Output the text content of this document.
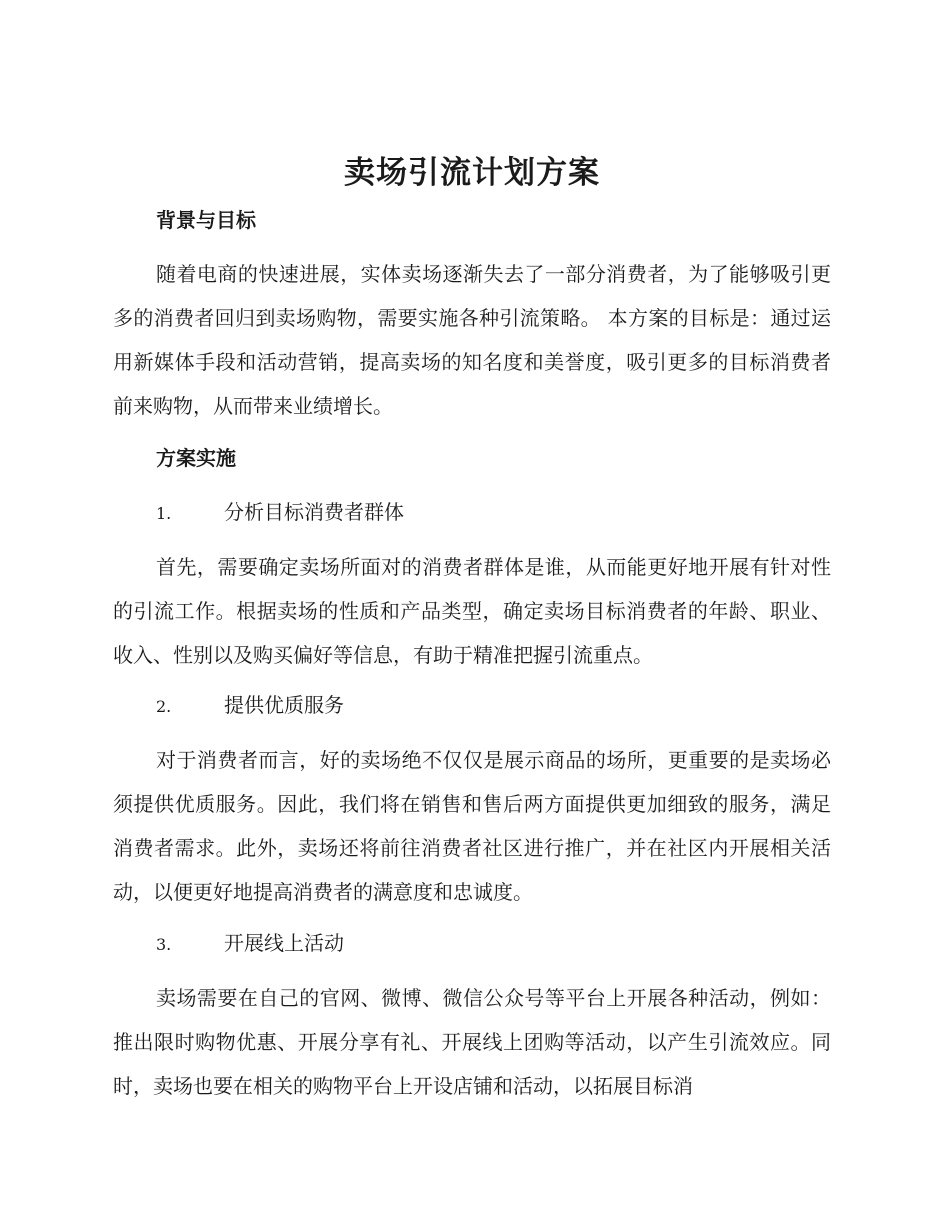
卖场引流计划方案
背景与目标

随着电商的快速进展，实体卖场逐渐失去了一部分消费者，为了能够吸引更多的消费者回归到卖场购物，需要实施各种引流策略。 本方案的目标是：通过运用新媒体手段和活动营销，提高卖场的知名度和美誉度，吸引更多的目标消费者前来购物，从而带来业绩增长。

方案实施
1.	分析目标消费者群体

首先，需要确定卖场所面对的消费者群体是谁，从而能更好地开展有针对性的引流工作。根据卖场的性质和产品类型，确定卖场目标消费者的年龄、职业、收入、性别以及购买偏好等信息，有助于精准把握引流重点。

2.	提供优质服务

对于消费者而言，好的卖场绝不仅仅是展示商品的场所，更重要的是卖场必须提供优质服务。因此，我们将在销售和售后两方面提供更加细致的服务，满足消费者需求。此外，卖场还将前往消费者社区进行推广，并在社区内开展相关活动，以便更好地提高消费者的满意度和忠诚度。

3.	开展线上活动

卖场需要在自己的官网、微博、微信公众号等平台上开展各种活动，例如：推出限时购物优惠、开展分享有礼、开展线上团购等活动，以产生引流效应。同时，卖场也要在相关的购物平台上开设店铺和活动，以拓展目标消
